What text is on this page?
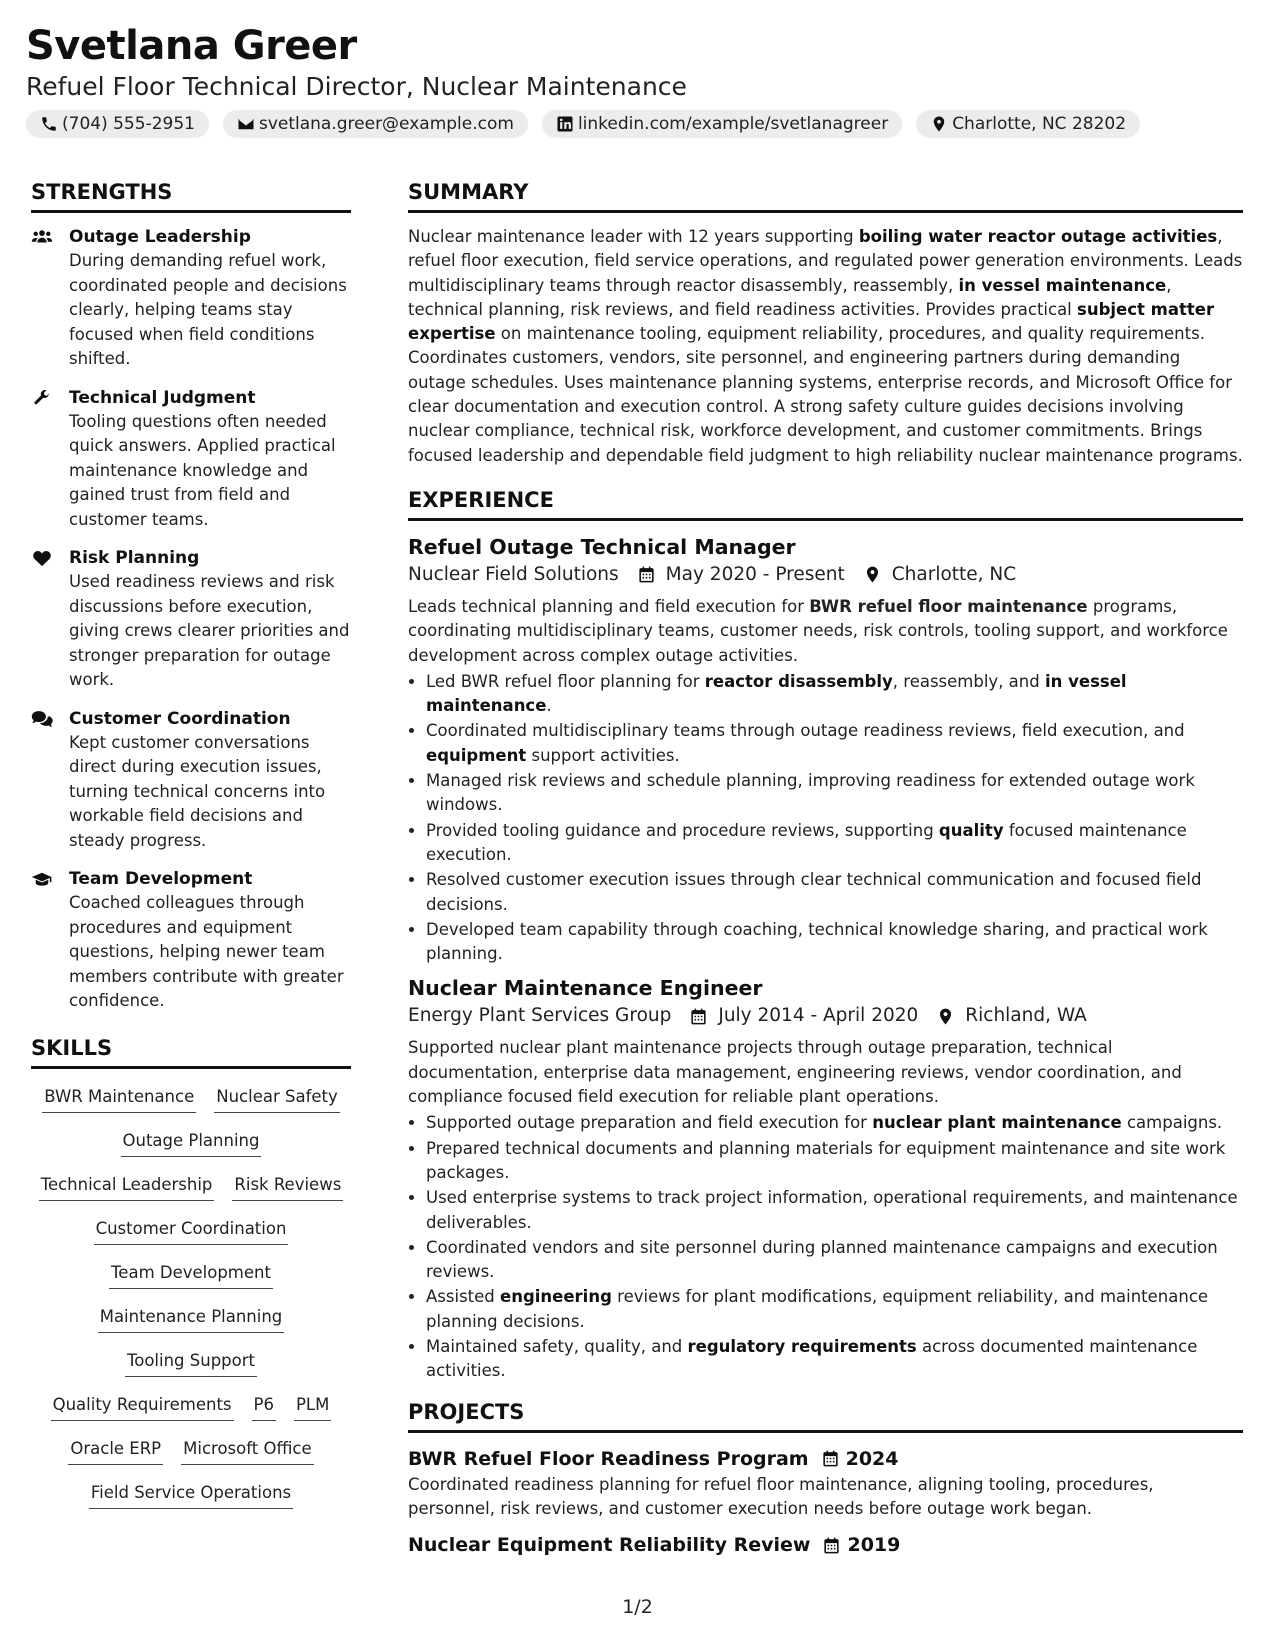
Svetlana Greer
Refuel Floor Technical Director, Nuclear Maintenance
(704) 555-2951	svetlana.greer@example.com	linkedin.com/example/svetlanagreer	Charlotte, NC 28202
STRENGTHS
Outage Leadership
During demanding refuel work, coordinated people and decisions clearly, helping teams stay focused when field conditions shifted.
Technical Judgment
Tooling questions often needed quick answers. Applied practical maintenance knowledge and gained trust from field and customer teams.
Risk Planning
Used readiness reviews and risk discussions before execution, giving crews clearer priorities and stronger preparation for outage work.
Customer Coordination
Kept customer conversations direct during execution issues, turning technical concerns into workable field decisions and steady progress.
Team Development
Coached colleagues through procedures and equipment questions, helping newer team members contribute with greater confidence.
SKILLS
BWR Maintenance Nuclear Safety
Outage Planning
Technical Leadership Risk Reviews
Customer Coordination
Team Development
Maintenance Planning
Tooling Support
Quality Requirements P6 PLM
Oracle ERP Microsoft Office
Field Service Operations
SUMMARY
Nuclear maintenance leader with 12 years supporting boiling water reactor outage activities, refuel floor execution, field service operations, and regulated power generation environments. Leads multidisciplinary teams through reactor disassembly, reassembly, in vessel maintenance, technical planning, risk reviews, and field readiness activities. Provides practical subject matter expertise on maintenance tooling, equipment reliability, procedures, and quality requirements. Coordinates customers, vendors, site personnel, and engineering partners during demanding outage schedules. Uses maintenance planning systems, enterprise records, and Microsoft Office for clear documentation and execution control. A strong safety culture guides decisions involving nuclear compliance, technical risk, workforce development, and customer commitments. Brings focused leadership and dependable field judgment to high reliability nuclear maintenance programs.
EXPERIENCE
Refuel Outage Technical Manager
Nuclear Field Solutions	May 2020 - Present	Charlotte, NC
Leads technical planning and field execution for BWR refuel floor maintenance programs, coordinating multidisciplinary teams, customer needs, risk controls, tooling support, and workforce development across complex outage activities.
• Led BWR refuel floor planning for reactor disassembly, reassembly, and in vessel maintenance.
• Coordinated multidisciplinary teams through outage readiness reviews, field execution, and equipment support activities.
• Managed risk reviews and schedule planning, improving readiness for extended outage work windows.
• Provided tooling guidance and procedure reviews, supporting quality focused maintenance execution.
• Resolved customer execution issues through clear technical communication and focused field decisions.
• Developed team capability through coaching, technical knowledge sharing, and practical work planning.
Nuclear Maintenance Engineer
Energy Plant Services Group	July 2014 - April 2020	Richland, WA
Supported nuclear plant maintenance projects through outage preparation, technical documentation, enterprise data management, engineering reviews, vendor coordination, and compliance focused field execution for reliable plant operations.
• Supported outage preparation and field execution for nuclear plant maintenance campaigns.
• Prepared technical documents and planning materials for equipment maintenance and site work packages.
• Used enterprise systems to track project information, operational requirements, and maintenance deliverables.
• Coordinated vendors and site personnel during planned maintenance campaigns and execution reviews.
• Assisted engineering reviews for plant modifications, equipment reliability, and maintenance planning decisions.
• Maintained safety, quality, and regulatory requirements across documented maintenance activities.
PROJECTS
BWR Refuel Floor Readiness Program 2024
Coordinated readiness planning for refuel floor maintenance, aligning tooling, procedures, personnel, risk reviews, and customer execution needs before outage work began.
Nuclear Equipment Reliability Review 2019
1/2
